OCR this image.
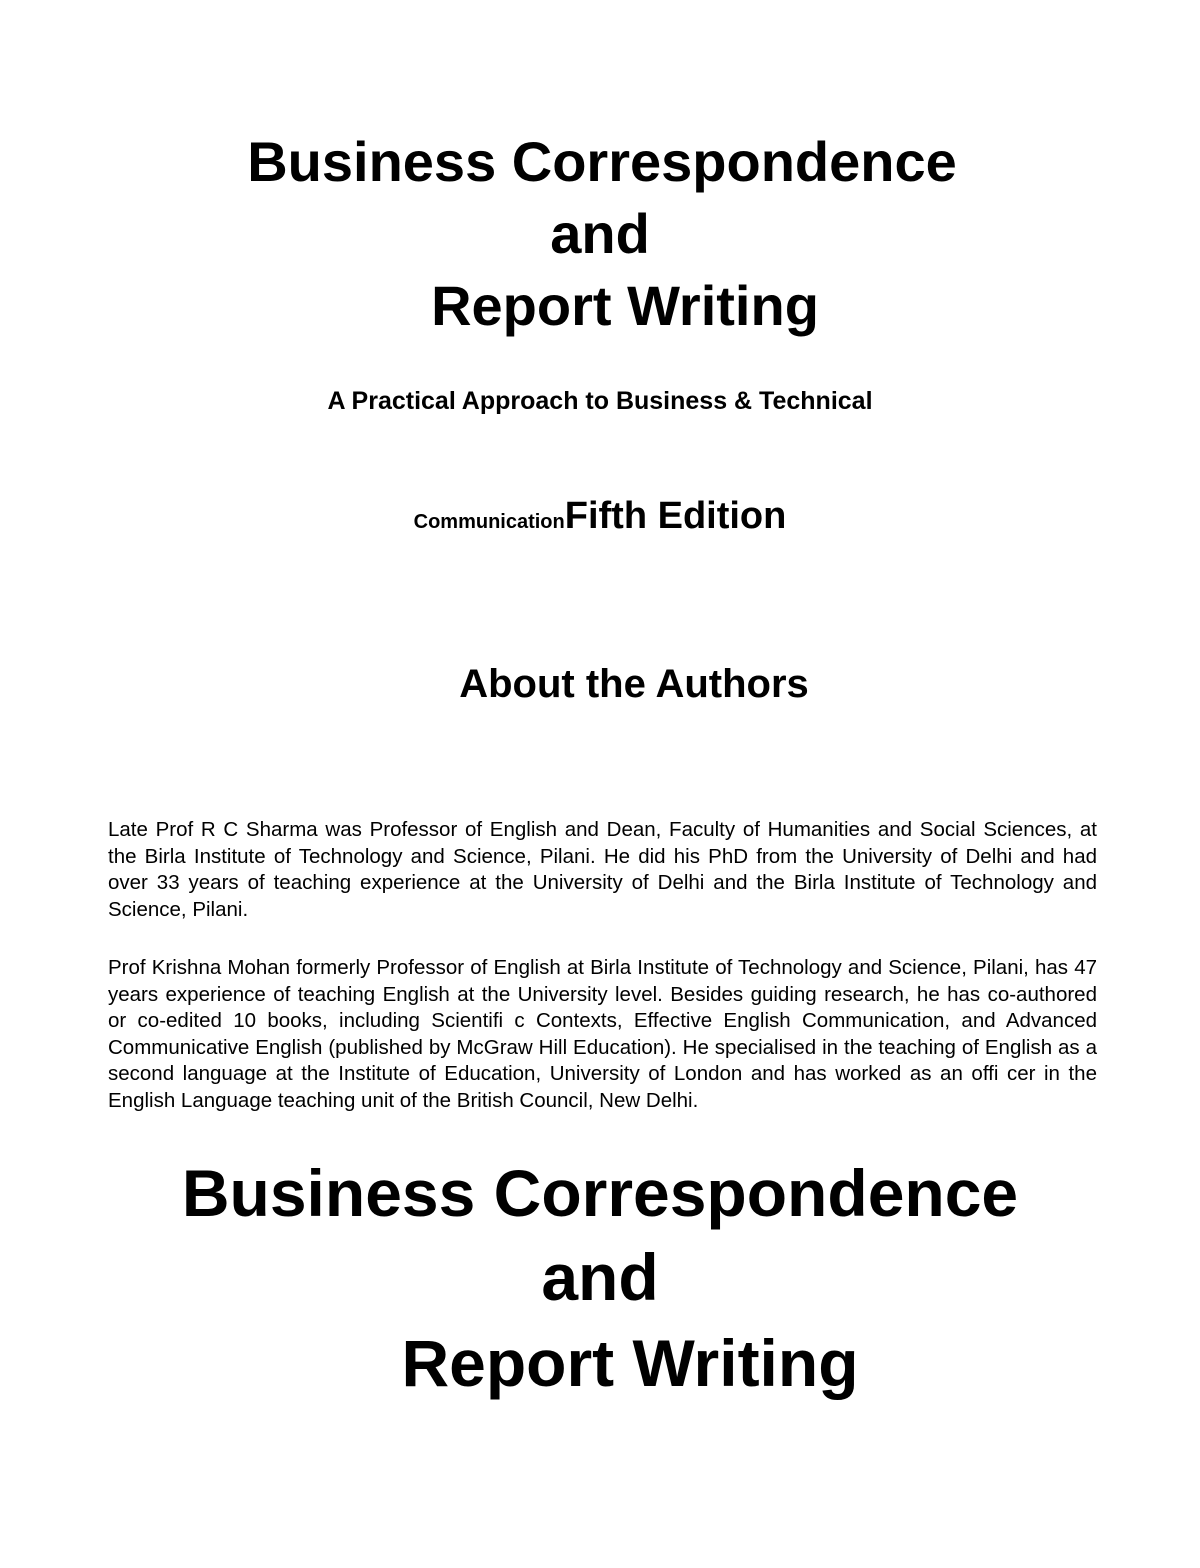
Business Correspondence
and
Report Writing

A Practical Approach to Business & Technical

CommunicationFifth Edition

About the Authors

Late Prof R C Sharma was Professor of English and Dean, Faculty of Humanities and Social Sciences, at the Birla Institute of Technology and Science, Pilani. He did his PhD from the University of Delhi and had over 33 years of teaching experience at the University of Delhi and the Birla Institute of Technology and Science, Pilani.

Prof Krishna Mohan formerly Professor of English at Birla Institute of Technology and Science, Pilani, has 47 years experience of teaching English at the University level. Besides guiding research, he has co-authored or co-edited 10 books, including Scientifi c Contexts, Effective English Communication, and Advanced Communicative English (published by McGraw Hill Education). He specialised in the teaching of English as a second language at the Institute of Education, University of London and has worked as an offi cer in the English Language teaching unit of the British Council, New Delhi.

Business Correspondence
and
Report Writing
